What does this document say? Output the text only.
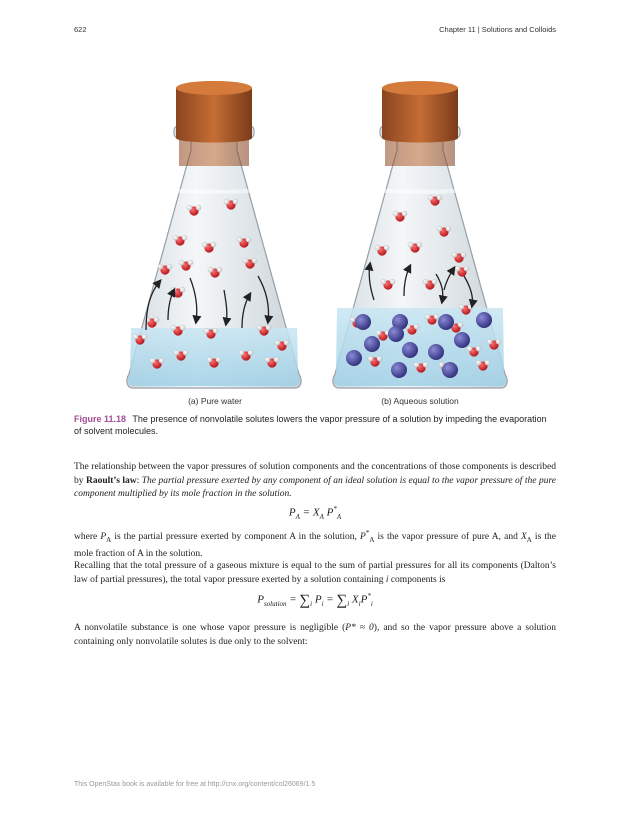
622	Chapter 11 | Solutions and Colloids
(a) Pure water	(b) Aqueous solution
Figure 11.18 The presence of nonvolatile solutes lowers the vapor pressure of a solution by impeding the evaporation of solvent molecules.
The relationship between the vapor pressures of solution components and the concentrations of those components is described by Raoult’s law: The partial pressure exerted by any component of an ideal solution is equal to the vapor pressure of the pure component multiplied by its mole fraction in the solution.
$P_A = X_A$ $P^*_A$
where $P_A$ is the partial pressure exerted by component A in the solution, $P^*_A$ is the vapor pressure of pure A, and $X_A$ is the mole fraction of A in the solution.
Recalling that the total pressure of a gaseous mixture is equal to the sum of partial pressures for all its components (Dalton’s law of partial pressures), the total vapor pressure exerted by a solution containing i components is
$P_{solution} = \sum_i$ $P_i = \sum_i$ $X_iP^*_i$
A nonvolatile substance is one whose vapor pressure is negligible (P* ≈ 0), and so the vapor pressure above a solution containing only nonvolatile solutes is due only to the solvent:
This OpenStax book is available for free at http://cnx.org/content/col26069/1.5
